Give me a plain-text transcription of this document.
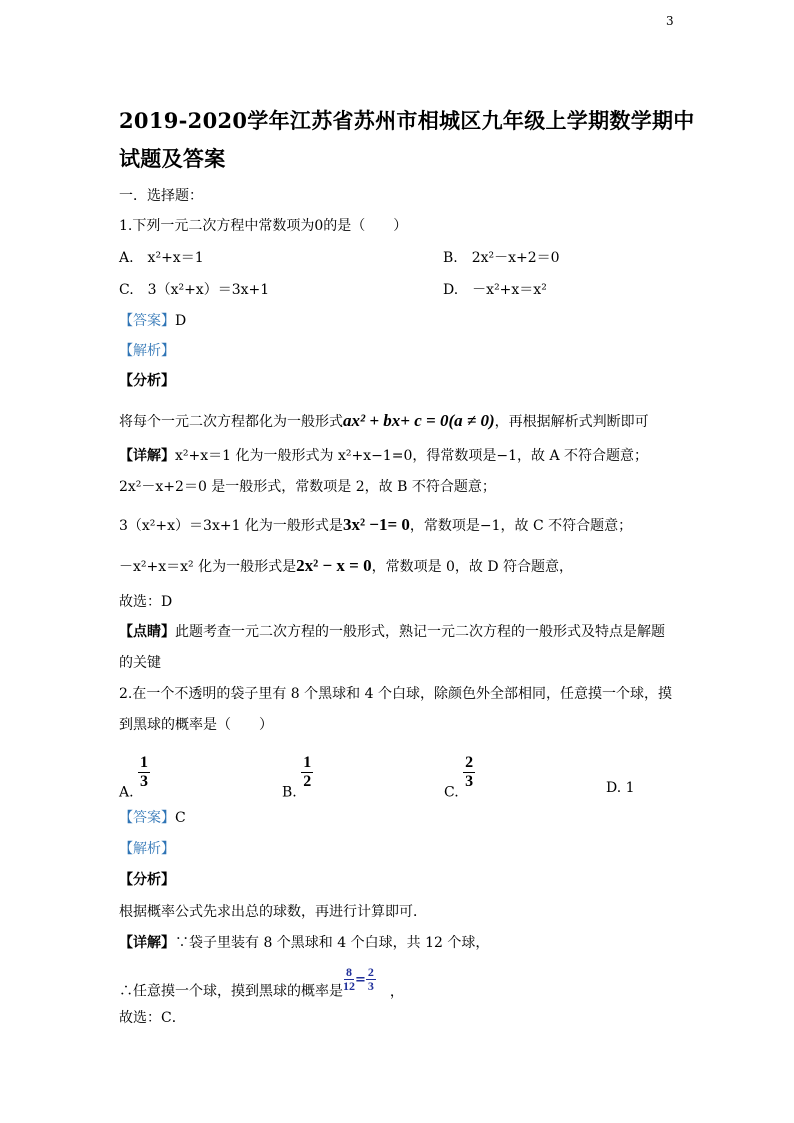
3
2019-2020学年江苏省苏州市相城区九年级上学期数学期中
试题及答案
一．选择题：
1.下列一元二次方程中常数项为0的是（　　）
A.　x²+x＝1	B.　2x²－x+2＝0
C.　3（x²+x）＝3x+1	D.　－x²+x＝x²
【答案】D
【解析】
【分析】
将每个一元二次方程都化为一般形式ax² + bx+ c = 0(a ≠ 0)，再根据解析式判断即可
【详解】x²+x＝1 化为一般形式为 x²+x−1=0，得常数项是−1，故 A 不符合题意；
2x²－x+2＝0 是一般形式，常数项是 2，故 B 不符合题意；
3（x²+x）＝3x+1 化为一般形式是3x² −1= 0，常数项是−1，故 C 不符合题意；
－x²+x＝x² 化为一般形式是2x² − x = 0，常数项是 0，故 D 符合题意，
故选：D
【点睛】此题考查一元二次方程的一般形式，熟记一元二次方程的一般形式及特点是解题
的关键
2.在一个不透明的袋子里有 8 个黑球和 4 个白球，除颜色外全部相同，任意摸一个球，摸
到黑球的概率是（　　）
A.
$\frac{1}{3}$
B.
$\frac{1}{2}$
C.
$\frac{2}{3}$	D. 1
【答案】C
【解析】
【分析】
根据概率公式先求出总的球数，再进行计算即可．
【详解】∵袋子里装有 8 个黑球和 4 个白球，共 12 个球，
∴任意摸一个球，摸到黑球的概率是 $\frac{8}{12} = \frac{2}{3}$ ，
故选：C．
